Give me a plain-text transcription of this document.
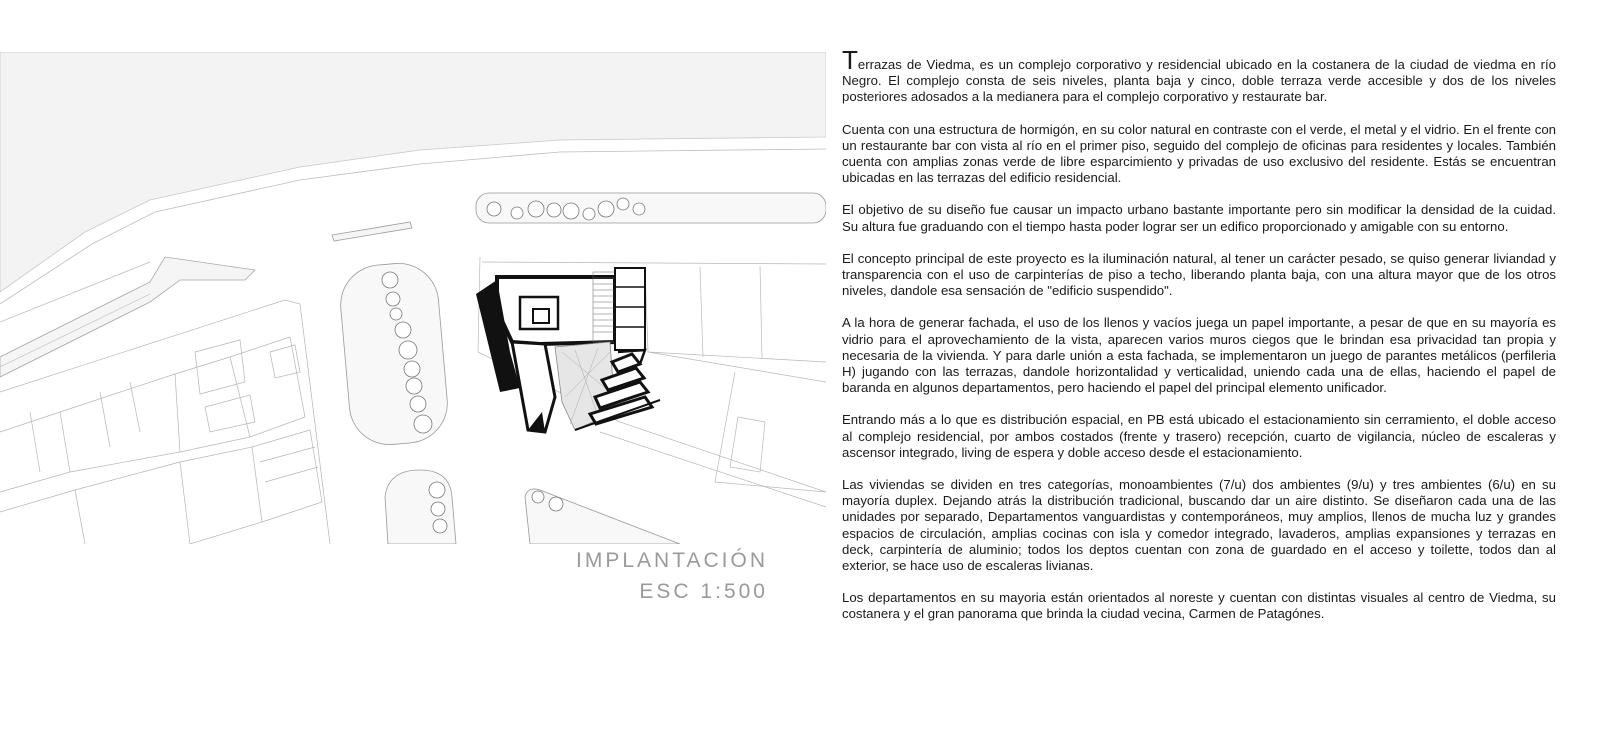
IMPLANTACIÓN
ESC 1:500

Terrazas de Viedma, es un complejo corporativo y residencial ubicado en la costanera de la ciudad de viedma en río Negro. El complejo consta de seis niveles, planta baja y cinco, doble terraza verde accesible y dos de los niveles posteriores adosados a la medianera para el complejo corporativo y restaurate bar.

Cuenta con una estructura de hormigón, en su color natural en contraste con el verde, el metal y el vidrio. En el frente con un restaurante bar con vista al río en el primer piso, seguido del complejo de oficinas para residentes y locales. También cuenta con amplias zonas verde de libre esparcimiento y privadas de uso exclusivo del residente. Estás se encuentran ubicadas en las terrazas del edificio residencial.

El objetivo de su diseño fue causar un impacto urbano bastante importante pero sin modificar la densidad de la cuidad. Su altura fue graduando con el tiempo hasta poder lograr ser un edifico proporcionado y amigable con su entorno.

El concepto principal de este proyecto es la iluminación natural, al tener un carácter pesado, se quiso generar liviandad y transparencia con el uso de carpinterías de piso a techo, liberando planta baja, con una altura mayor que de los otros niveles, dandole esa sensación de "edificio suspendido".

A la hora de generar fachada, el uso de los llenos y vacíos juega un papel importante, a pesar de que en su mayoría es vidrio para el aprovechamiento de la vista, aparecen varios muros ciegos que le brindan esa privacidad tan propia y necesaria de la vivienda. Y para darle unión a esta fachada, se implementaron un juego de parantes metálicos (perfileria H) jugando con las terrazas, dandole horizontalidad y verticalidad, uniendo cada una de ellas, haciendo el papel de baranda en algunos departamentos, pero haciendo el papel del principal elemento unificador.

Entrando más a lo que es distribución espacial, en PB está ubicado el estacionamiento sin cerramiento, el doble acceso al complejo residencial, por ambos costados (frente y trasero) recepción, cuarto de vigilancia, núcleo de escaleras y ascensor integrado, living de espera y doble acceso desde el estacionamiento.

Las viviendas se dividen en tres categorías, monoambientes (7/u) dos ambientes (9/u) y tres ambientes (6/u) en su mayoría duplex. Dejando atrás la distribución tradicional, buscando dar un aire distinto. Se diseñaron cada una de las unidades por separado, Departamentos vanguardistas y contemporáneos, muy amplios, llenos de mucha luz y grandes espacios de circulación, amplias cocinas con isla y comedor integrado, lavaderos, amplias expansiones y terrazas en deck, carpintería de aluminio; todos los deptos cuentan con zona de guardado en el acceso y toilette, todos dan al exterior, se hace uso de escaleras livianas.

Los departamentos en su mayoria están orientados al noreste y cuentan con distintas visuales al centro de Viedma, su costanera y el gran panorama que brinda la ciudad vecina, Carmen de Patagónes.
